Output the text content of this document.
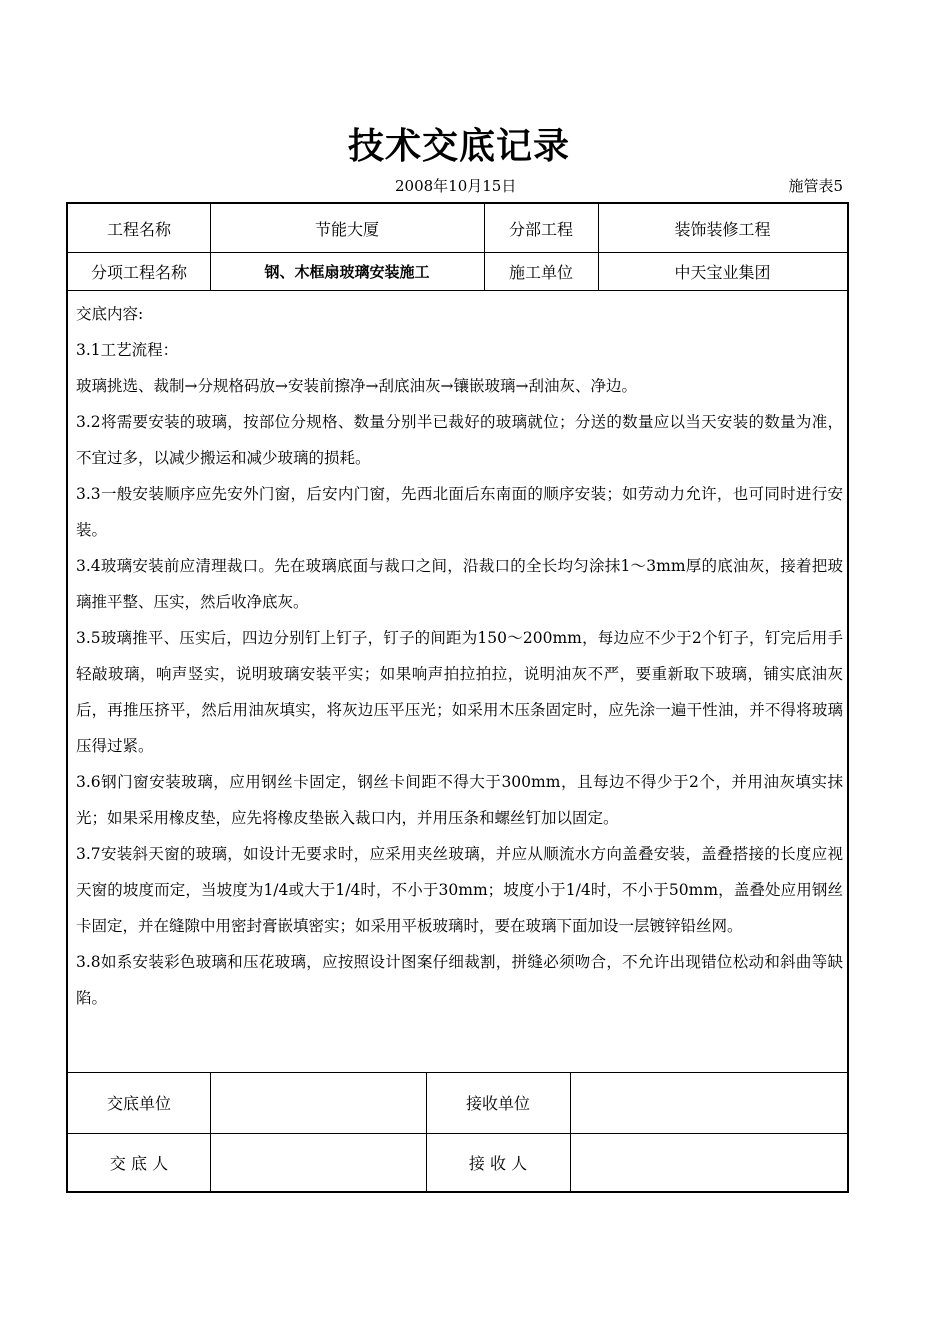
技术交底记录
2008年10月15日	施管表5
工程名称	节能大厦	分部工程	装饰装修工程
分项工程名称	钢、木框扇玻璃安装施工	施工单位	中天宝业集团

交底内容:

3.1工艺流程：

玻璃挑选、裁制→分规格码放→安装前擦净→刮底油灰→镶嵌玻璃→刮油灰、净边。

3.2将需要安装的玻璃，按部位分规格、数量分别半已裁好的玻璃就位；分送的数量应以当天安装的数量为准，不宜过多，以减少搬运和减少玻璃的损耗。

3.3一般安装顺序应先安外门窗，后安内门窗，先西北面后东南面的顺序安装；如劳动力允许，也可同时进行安装。

3.4玻璃安装前应清理裁口。先在玻璃底面与裁口之间，沿裁口的全长均匀涂抹1～3mm厚的底油灰，接着把玻璃推平整、压实，然后收净底灰。

3.5玻璃推平、压实后，四边分别钉上钉子，钉子的间距为150～200mm，每边应不少于2个钉子，钉完后用手轻敲玻璃，响声竖实，说明玻璃安装平实；如果响声拍拉拍拉，说明油灰不严，要重新取下玻璃，铺实底油灰后，再推压挤平，然后用油灰填实，将灰边压平压光；如采用木压条固定时，应先涂一遍干性油，并不得将玻璃压得过紧。

3.6钢门窗安装玻璃，应用钢丝卡固定，钢丝卡间距不得大于300mm，且每边不得少于2个，并用油灰填实抹光；如果采用橡皮垫，应先将橡皮垫嵌入裁口内，并用压条和螺丝钉加以固定。

3.7安装斜天窗的玻璃，如设计无要求时，应采用夹丝玻璃，并应从顺流水方向盖叠安装，盖叠搭接的长度应视天窗的坡度而定，当坡度为1/4或大于1/4时，不小于30mm；坡度小于1/4时，不小于50mm，盖叠处应用钢丝卡固定，并在缝隙中用密封膏嵌填密实；如采用平板玻璃时，要在玻璃下面加设一层镀锌铅丝网。

3.8如系安装彩色玻璃和压花玻璃，应按照设计图案仔细裁割，拼缝必须吻合，不允许出现错位松动和斜曲等缺陷。

交底单位	接收单位
交 底 人	接 收 人
